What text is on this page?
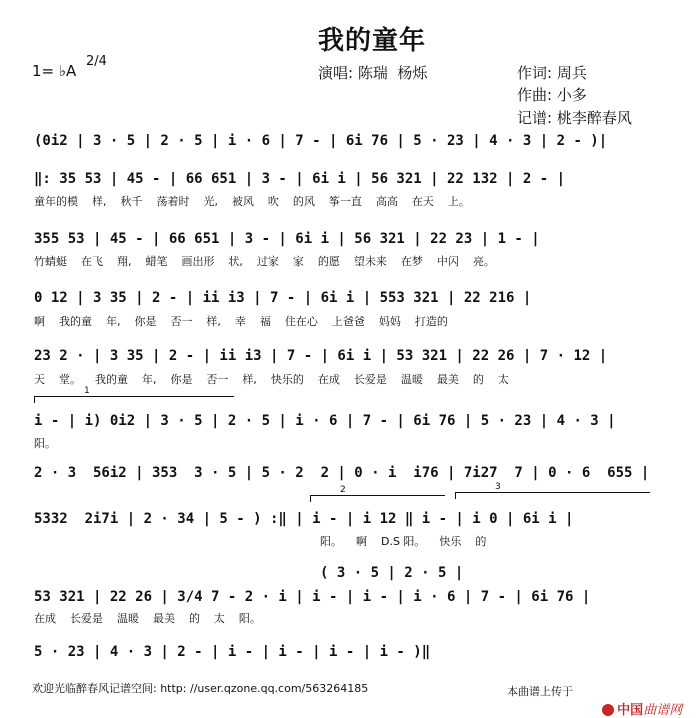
我的童年
1= ♭A
2/4
演唱: 陈瑞  杨烁	作词: 周兵
作曲: 小多
记谱: 桃李醉春风
(0i2 | 3 · 5 | 2 · 5 | i · 6 | 7 - | 6i 76 | 5 · 23 | 4 · 3 | 2 - )|
‖: 35 53 | 45 - | 66 651 | 3 - | 6i i | 56 321 | 22 132 | 2 - |
童年的模    样,    秋千    荡着时    光,    被风    吹    的风    筝一直    高高    在天    上。
355 53 | 45 - | 66 651 | 3 - | 6i i | 56 321 | 22 23 | 1 - |
竹蜻蜓    在飞    翔,    蜡笔    画出形    状,    过家    家    的愿    望未来    在梦    中闪    亮。
0 12 | 3 35 | 2 - | ii i3 | 7 - | 6i i | 553 321 | 22 216 |
啊    我的童    年,    你是    否一    样,    幸    福    住在心    上爸爸    妈妈    打造的
23 2 · | 3 35 | 2 - | ii i3 | 7 - | 6i i | 53 321 | 22 26 | 7 · 12 |
天    堂。    我的童    年,    你是    否一    样,    快乐的    在成    长爱是    温暖    最美    的    太
1
i - | i) 0i2 | 3 · 5 | 2 · 5 | i · 6 | 7 - | 6i 76 | 5 · 23 | 4 · 3 |
阳。
2 · 3  56i2 | 353  3 · 5 | 5 · 2  2 | 0 · i  i76 | 7i27  7 | 0 · 6  655 |
2	3
5332  2i7i | 2 · 34 | 5 - ) :‖ | i - | i 12 ‖ i - | i 0 | 6i i |
阳。    啊    D.S 阳。    快乐    的
( 3 · 5 | 2 · 5 |
53 321 | 22 26 | 3/4 7 - 2 · i | i - | i - | i · 6 | 7 - | 6i 76 |
在成    长爱是    温暖    最美    的    太    阳。
5 · 23 | 4 · 3 | 2 - | i - | i - | i - | i - )‖
欢迎光临醉春风记谱空间: http: //user.qzone.qq.com/563264185	本曲谱上传于

中国曲谱网
